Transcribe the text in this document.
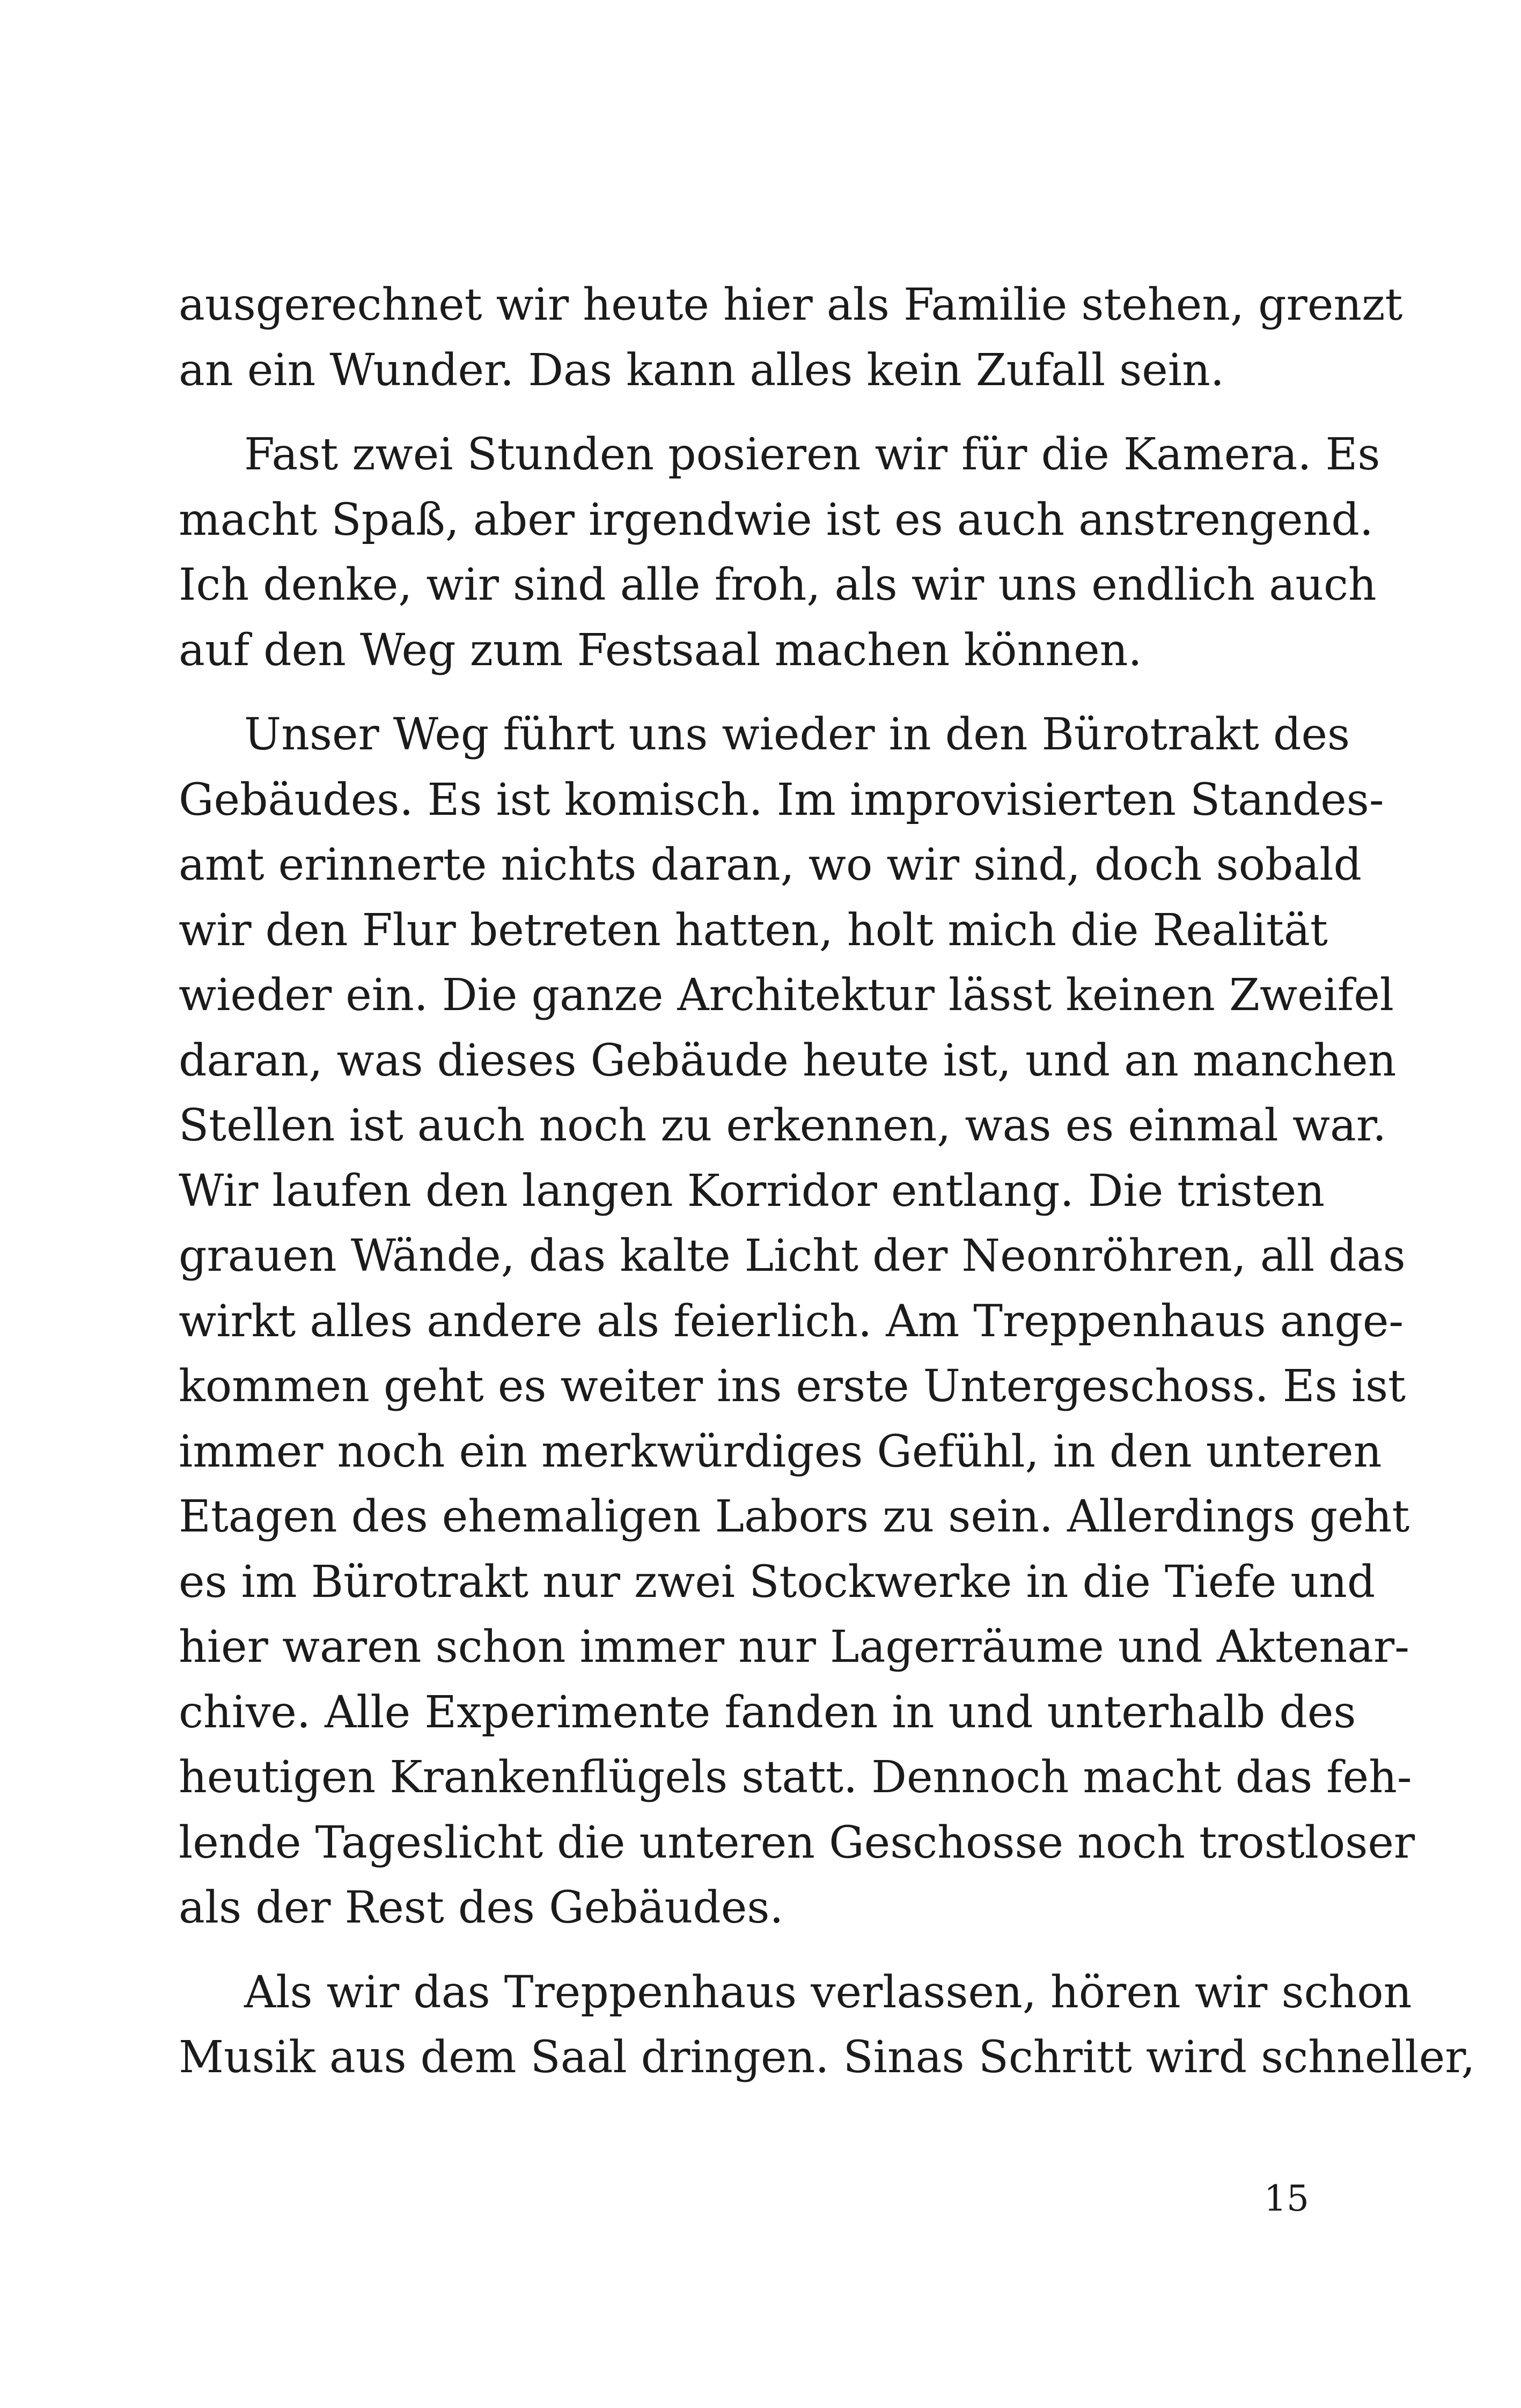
ausgerechnet wir heute hier als Familie stehen, grenzt
an ein Wunder. Das kann alles kein Zufall sein.
Fast zwei Stunden posieren wir für die Kamera. Es
macht Spaß, aber irgendwie ist es auch anstrengend.
Ich denke, wir sind alle froh, als wir uns endlich auch
auf den Weg zum Festsaal machen können.
Unser Weg führt uns wieder in den Bürotrakt des
Gebäudes. Es ist komisch. Im improvisierten Standes-
amt erinnerte nichts daran, wo wir sind, doch sobald
wir den Flur betreten hatten, holt mich die Realität
wieder ein. Die ganze Architektur lässt keinen Zweifel
daran, was dieses Gebäude heute ist, und an manchen
Stellen ist auch noch zu erkennen, was es einmal war.
Wir laufen den langen Korridor entlang. Die tristen
grauen Wände, das kalte Licht der Neonröhren, all das
wirkt alles andere als feierlich. Am Treppenhaus ange-
kommen geht es weiter ins erste Untergeschoss. Es ist
immer noch ein merkwürdiges Gefühl, in den unteren
Etagen des ehemaligen Labors zu sein. Allerdings geht
es im Bürotrakt nur zwei Stockwerke in die Tiefe und
hier waren schon immer nur Lagerräume und Aktenar-
chive. Alle Experimente fanden in und unterhalb des
heutigen Krankenflügels statt. Dennoch macht das feh-
lende Tageslicht die unteren Geschosse noch trostloser
als der Rest des Gebäudes.
Als wir das Treppenhaus verlassen, hören wir schon
Musik aus dem Saal dringen. Sinas Schritt wird schneller,
15
